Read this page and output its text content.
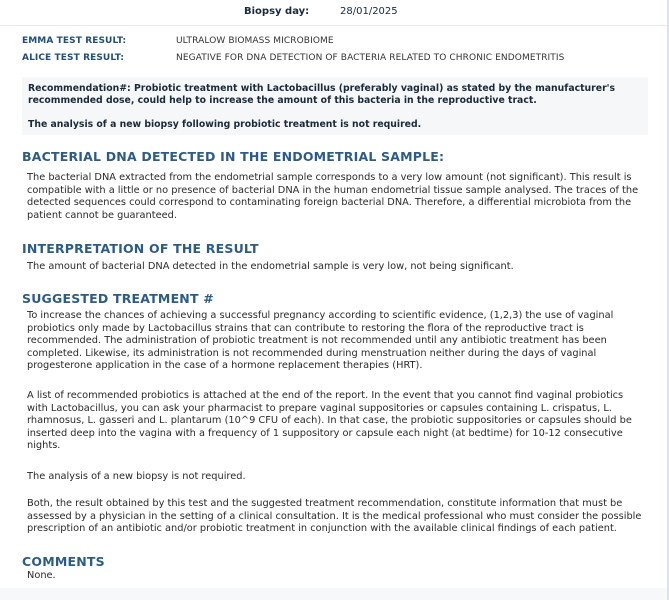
Biopsy day:	28/01/2025
EMMA TEST RESULT:	ULTRALOW BIOMASS MICROBIOME
ALICE TEST RESULT:	NEGATIVE FOR DNA DETECTION OF BACTERIA RELATED TO CHRONIC ENDOMETRITIS
Recommendation#: Probiotic treatment with Lactobacillus (preferably vaginal) as stated by the manufacturer's recommended dose, could help to increase the amount of this bacteria in the reproductive tract.
The analysis of a new biopsy following probiotic treatment is not required.
BACTERIAL DNA DETECTED IN THE ENDOMETRIAL SAMPLE:
The bacterial DNA extracted from the endometrial sample corresponds to a very low amount (not significant). This result is compatible with a little or no presence of bacterial DNA in the human endometrial tissue sample analysed. The traces of the detected sequences could correspond to contaminating foreign bacterial DNA. Therefore, a differential microbiota from the patient cannot be guaranteed.
INTERPRETATION OF THE RESULT
The amount of bacterial DNA detected in the endometrial sample is very low, not being significant.
SUGGESTED TREATMENT #
To increase the chances of achieving a successful pregnancy according to scientific evidence, (1,2,3) the use of vaginal probiotics only made by Lactobacillus strains that can contribute to restoring the flora of the reproductive tract is recommended. The administration of probiotic treatment is not recommended until any antibiotic treatment has been completed. Likewise, its administration is not recommended during menstruation neither during the days of vaginal progesterone application in the case of a hormone replacement therapies (HRT).
A list of recommended probiotics is attached at the end of the report. In the event that you cannot find vaginal probiotics with Lactobacillus, you can ask your pharmacist to prepare vaginal suppositories or capsules containing L. crispatus, L. rhamnosus, L. gasseri and L. plantarum (10^9 CFU of each). In that case, the probiotic suppositories or capsules should be inserted deep into the vagina with a frequency of 1 suppository or capsule each night (at bedtime) for 10-12 consecutive nights.
The analysis of a new biopsy is not required.
Both, the result obtained by this test and the suggested treatment recommendation, constitute information that must be assessed by a physician in the setting of a clinical consultation. It is the medical professional who must consider the possible prescription of an antibiotic and/or probiotic treatment in conjunction with the available clinical findings of each patient.
COMMENTS
None.
